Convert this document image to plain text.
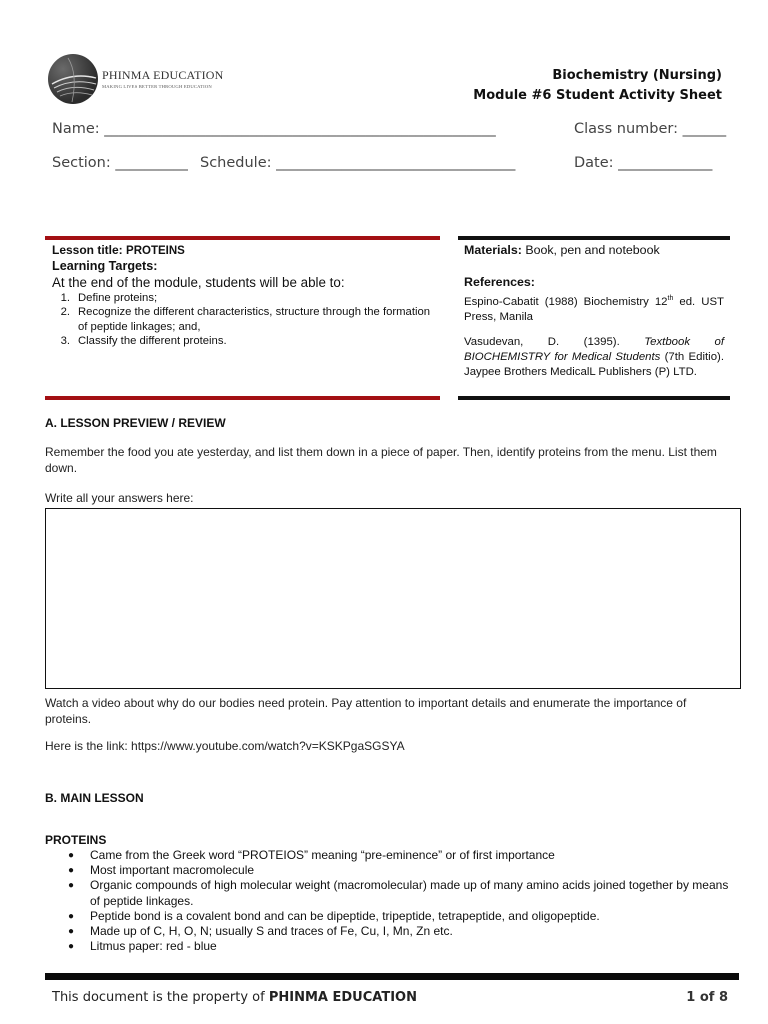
PHINMA EDUCATION
MAKING LIVES BETTER THROUGH EDUCATION
Biochemistry (Nursing)
Module #6 Student Activity Sheet
Name: ______________________________________________________	Class number: ______
Section: __________ Schedule: _________________________________	Date: _____________
Lesson title: PROTEINS
Learning Targets:
At the end of the module, students will be able to:
1. Define proteins;
2. Recognize the different characteristics, structure through the formation of peptide linkages; and,
3. Classify the different proteins.
Materials: Book, pen and notebook
References:
Espino-Cabatit (1988) Biochemistry 12th ed. UST Press, Manila
Vasudevan, D. (1395). Textbook of BIOCHEMISTRY for Medical Students (7th Editio). Jaypee Brothers MedicalL Publishers (P) LTD.
A. LESSON PREVIEW / REVIEW
Remember the food you ate yesterday, and list them down in a piece of paper. Then, identify proteins from the menu. List them down.
Write all your answers here:
Watch a video about why do our bodies need protein. Pay attention to important details and enumerate the importance of proteins.
Here is the link: https://www.youtube.com/watch?v=KSKPgaSGSYA
B. MAIN LESSON
PROTEINS
●	Came from the Greek word “PROTEIOS” meaning “pre-eminence” or of first importance
●	Most important macromolecule
●	Organic compounds of high molecular weight (macromolecular) made up of many amino acids joined together by means of peptide linkages.
●	Peptide bond is a covalent bond and can be dipeptide, tripeptide, tetrapeptide, and oligopeptide.
●	Made up of C, H, O, N; usually S and traces of Fe, Cu, I, Mn, Zn etc.
●	Litmus paper: red - blue
This document is the property of PHINMA EDUCATION	1 of 8
